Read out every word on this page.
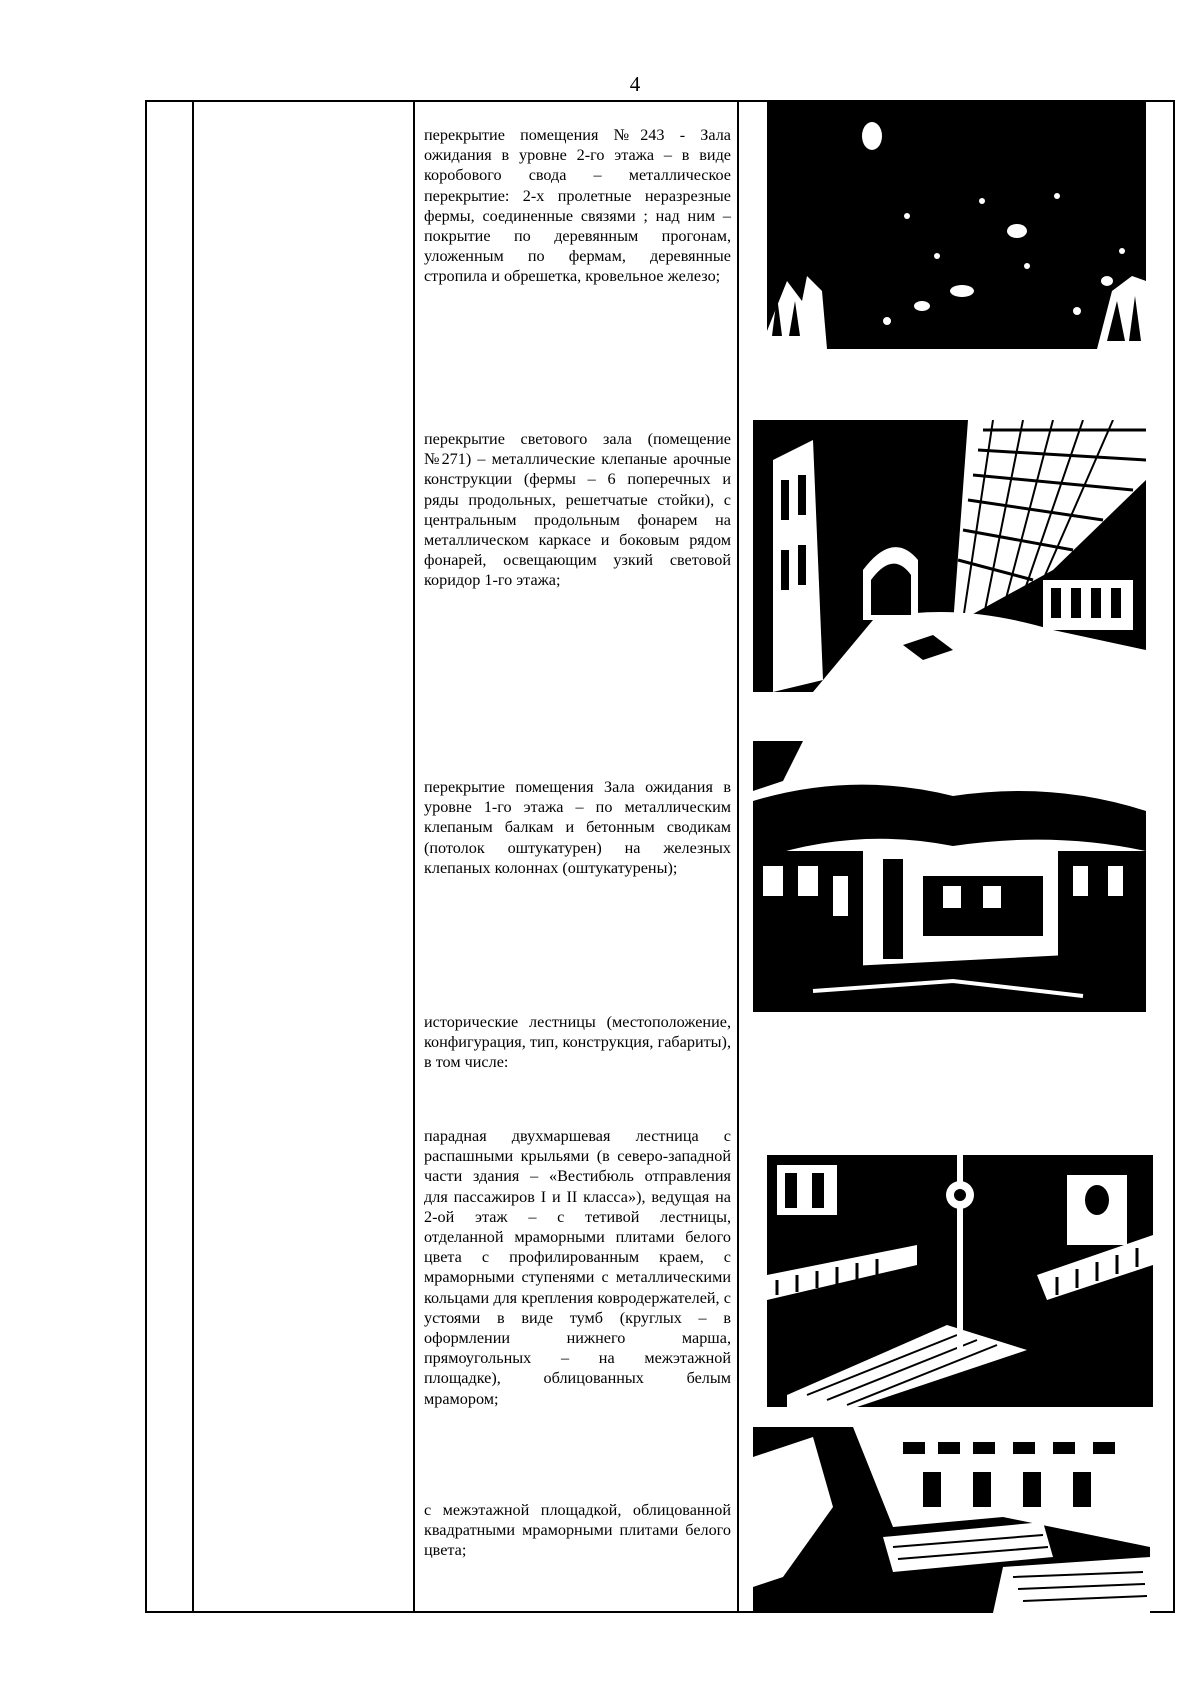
4
перекрытие помещения №243 - Зала ожидания в уровне 2-го этажа – в виде коробового свода – металлическое перекрытие: 2-х пролетные неразрезные фермы, соединенные связями ; над ним – покрытие по деревянным прогонам, уложенным по фермам, деревянные стропила и обрешетка, кровельное железо;
перекрытие светового зала (помещение №271) – металлические клепаные арочные конструкции (фермы – 6 поперечных и ряды продольных, решетчатые стойки), с центральным продольным фонарем на металлическом каркасе и боковым рядом фонарей, освещающим узкий световой коридор 1-го этажа;
перекрытие помещения Зала ожидания в уровне 1-го этажа – по металлическим клепаным балкам и бетонным сводикам (потолок оштукатурен) на железных клепаных колоннах (оштукатурены);
исторические лестницы (местоположение, конфигурация, тип, конструкция, габариты), в том числе:
парадная двухмаршевая лестница с распашными крыльями (в северо-западной части здания – «Вестибюль отправления для пассажиров I и II класса»), ведущая на 2-ой этаж – с тетивой лестницы, отделанной мраморными плитами белого цвета с профилированным краем, с мраморными ступенями с металлическими кольцами для крепления ковродержателей, с устоями в виде тумб (круглых – в оформлении нижнего марша, прямоугольных – на межэтажной площадке), облицованных белым мрамором;
с межэтажной площадкой, облицованной квадратными мраморными плитами белого цвета;
